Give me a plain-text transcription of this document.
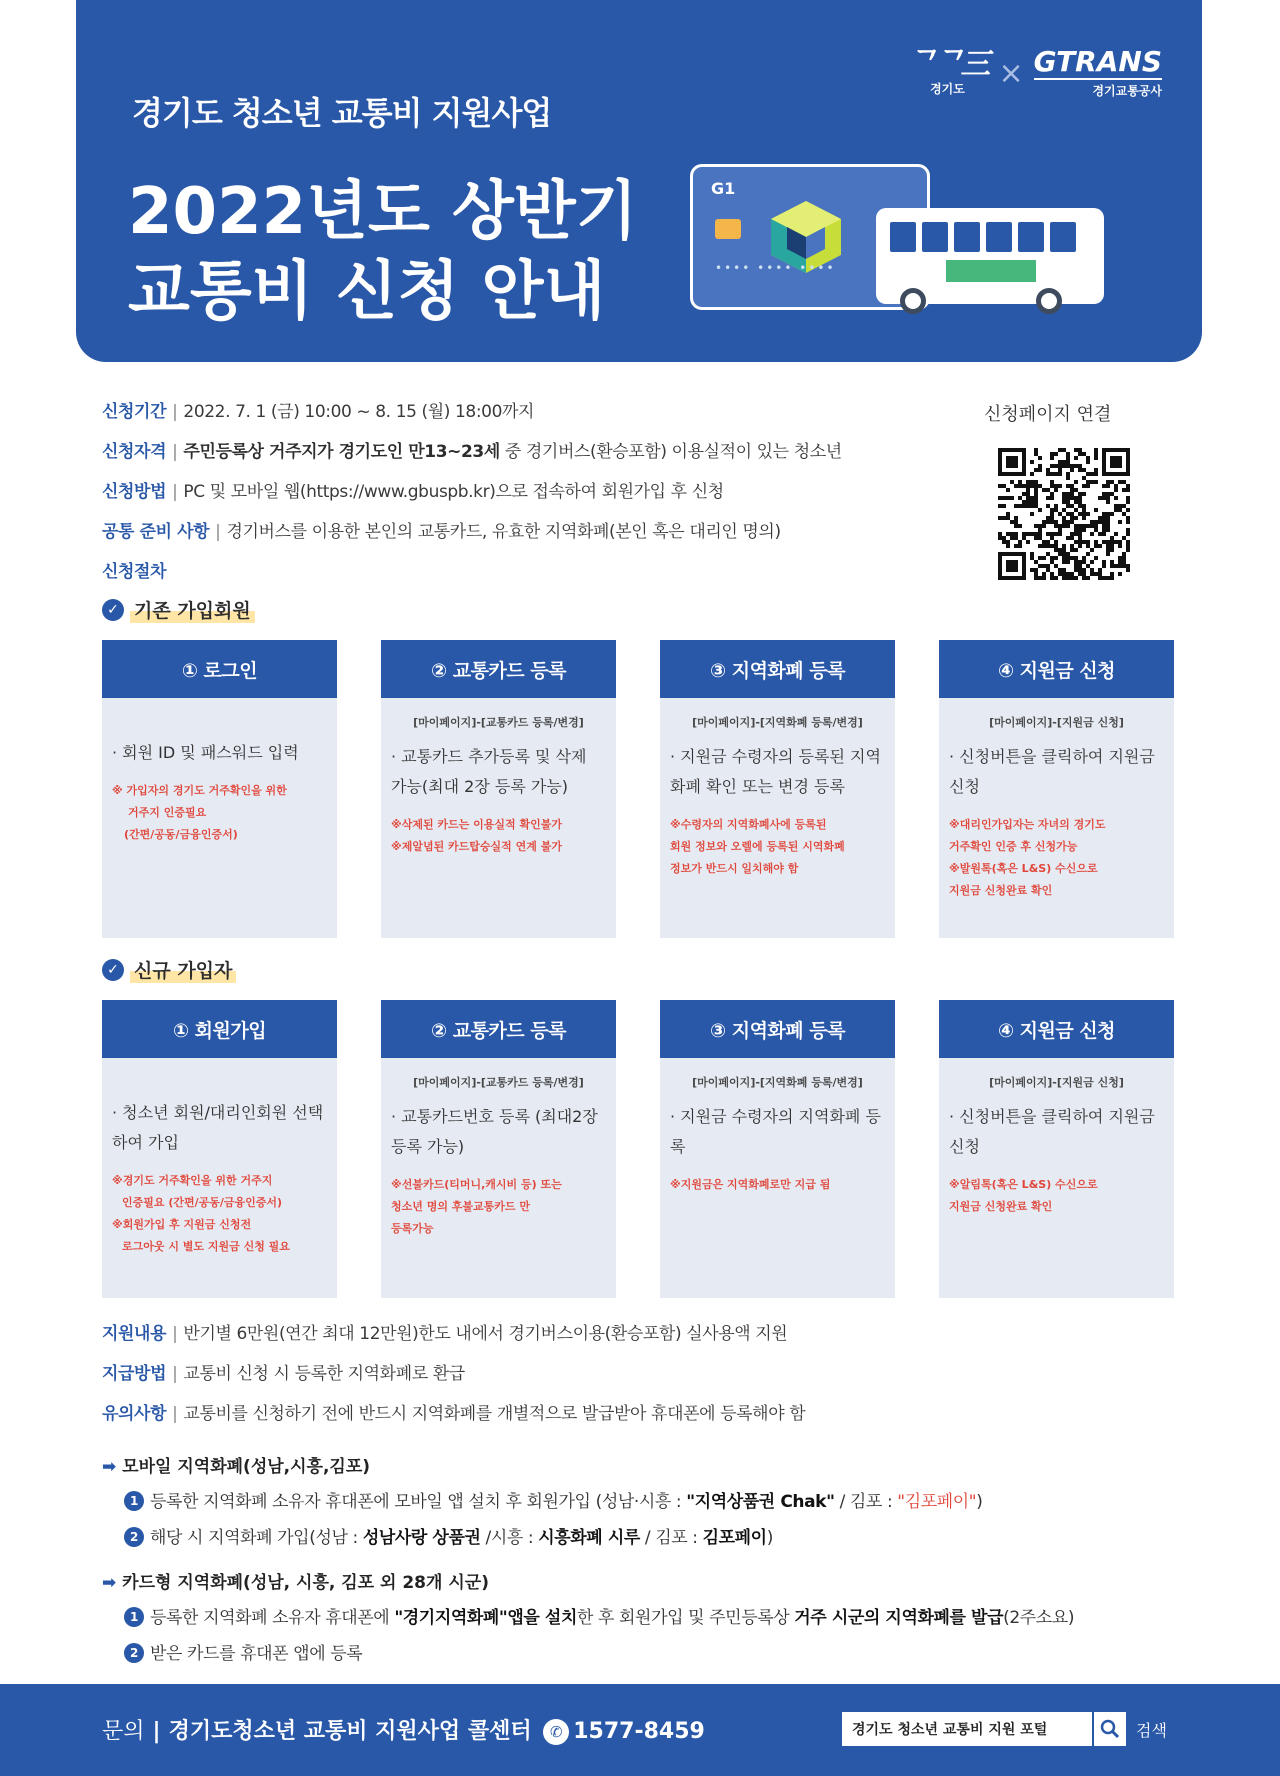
ᄀᄀ三
경기도	× GTRANS
경기교통공사
경기도 청소년 교통비 지원사업
2022년도 상반기
교통비 신청 안내
G1
•••• •••• ••••
신청기간 | 2022. 7. 1 (금) 10:00 ~ 8. 15 (월) 18:00까지
신청자격 | 주민등록상 거주지가 경기도인 만13~23세 중 경기버스(환승포함) 이용실적이 있는 청소년
신청방법 | PC 및 모바일 웹(https://www.gbuspb.kr)으로 접속하여 회원가입 후 신청
공통 준비 사항 | 경기버스를 이용한 본인의 교통카드, 유효한 지역화폐(본인 혹은 대리인 명의)
신청절차
신청페이지 연결
✓ 기존 가입회원
① 로그인
· 회원 ID 및 패스워드 입력
※ 가입자의 경기도 거주확인을 위한
거주지 인증필요
(간편/공동/금융인증서)
② 교통카드 등록
[마이페이지]-[교통카드 등록/변경]
· 교통카드 추가등록 및 삭제 가능(최대 2장 등록 가능)
※삭제된 카드는 이용실적 확인불가
※제알념된 카드탑승실적 연계 불가
③ 지역화폐 등록
[마이페이지]-[지역화폐 등록/변경]
· 지원금 수령자의 등록된 지역화폐 확인 또는 변경 등록
※수령자의 지역화폐사에 등록된
회원 정보와 오렐에 등록된 시역화폐
정보가 반드시 일치해야 함
④ 지원금 신청
[마이페이지]-[지원금 신청]
· 신청버튼을 클릭하여 지원금 신청
※대리인가입자는 자녀의 경기도
거주확인 인증 후 신청가능
※발원톡(혹은 L&S) 수신으로
지원금 신청완료 확인
✓ 신규 가입자
① 회원가입
· 청소년 회원/대리인회원 선택하여 가입
※경기도 거주확인을 위한 거주지
인증필요 (간편/공동/금융인증서)
※회원가입 후 지원금 신청전
로그아웃 시 별도 지원금 신청 필요
② 교통카드 등록
[마이페이지]-[교통카드 등록/변경]
· 교통카드번호 등록 (최대2장 등록 가능)
※선불카드(티머니,캐시비 등) 또는
청소년 명의 후불교통카드 만
등록가능
③ 지역화폐 등록
[마이페이지]-[지역화폐 등록/변경]
· 지원금 수령자의 지역화폐 등록
※지원금은 지역화폐로만 지급 됨
④ 지원금 신청
[마이페이지]-[지원금 신청]
· 신청버튼을 클릭하여 지원금 신청
※알림톡(혹은 L&S) 수신으로
지원금 신청완료 확인
지원내용 | 반기별 6만원(연간 최대 12만원)한도 내에서 경기버스이용(환승포함) 실사용액 지원
지급방법 | 교통비 신청 시 등록한 지역화폐로 환급
유의사항 | 교통비를 신청하기 전에 반드시 지역화폐를 개별적으로 발급받아 휴대폰에 등록해야 함
➡ 모바일 지역화폐(성남,시흥,김포)
1 등록한 지역화폐 소유자 휴대폰에 모바일 앱 설치 후 회원가입 (성남·시흥 : "지역상품권 Chak" / 김포 : "김포페이")
2 해당 시 지역화폐 가입(성남 : 성남사랑 상품권 /시흥 : 시흥화폐 시루 / 김포 : 김포페이)
➡ 카드형 지역화폐(성남, 시흥, 김포 외 28개 시군)
1 등록한 지역화폐 소유자 휴대폰에 "경기지역화폐"앱을 설치한 후 회원가입 및 주민등록상 거주 시군의 지역화폐를 발급(2주소요)
2 받은 카드를 휴대폰 앱에 등록
문의 | 경기도청소년 교통비 지원사업 콜센터 ✆ 1577-8459	경기도 청소년 교통비 지원 포털	검색
